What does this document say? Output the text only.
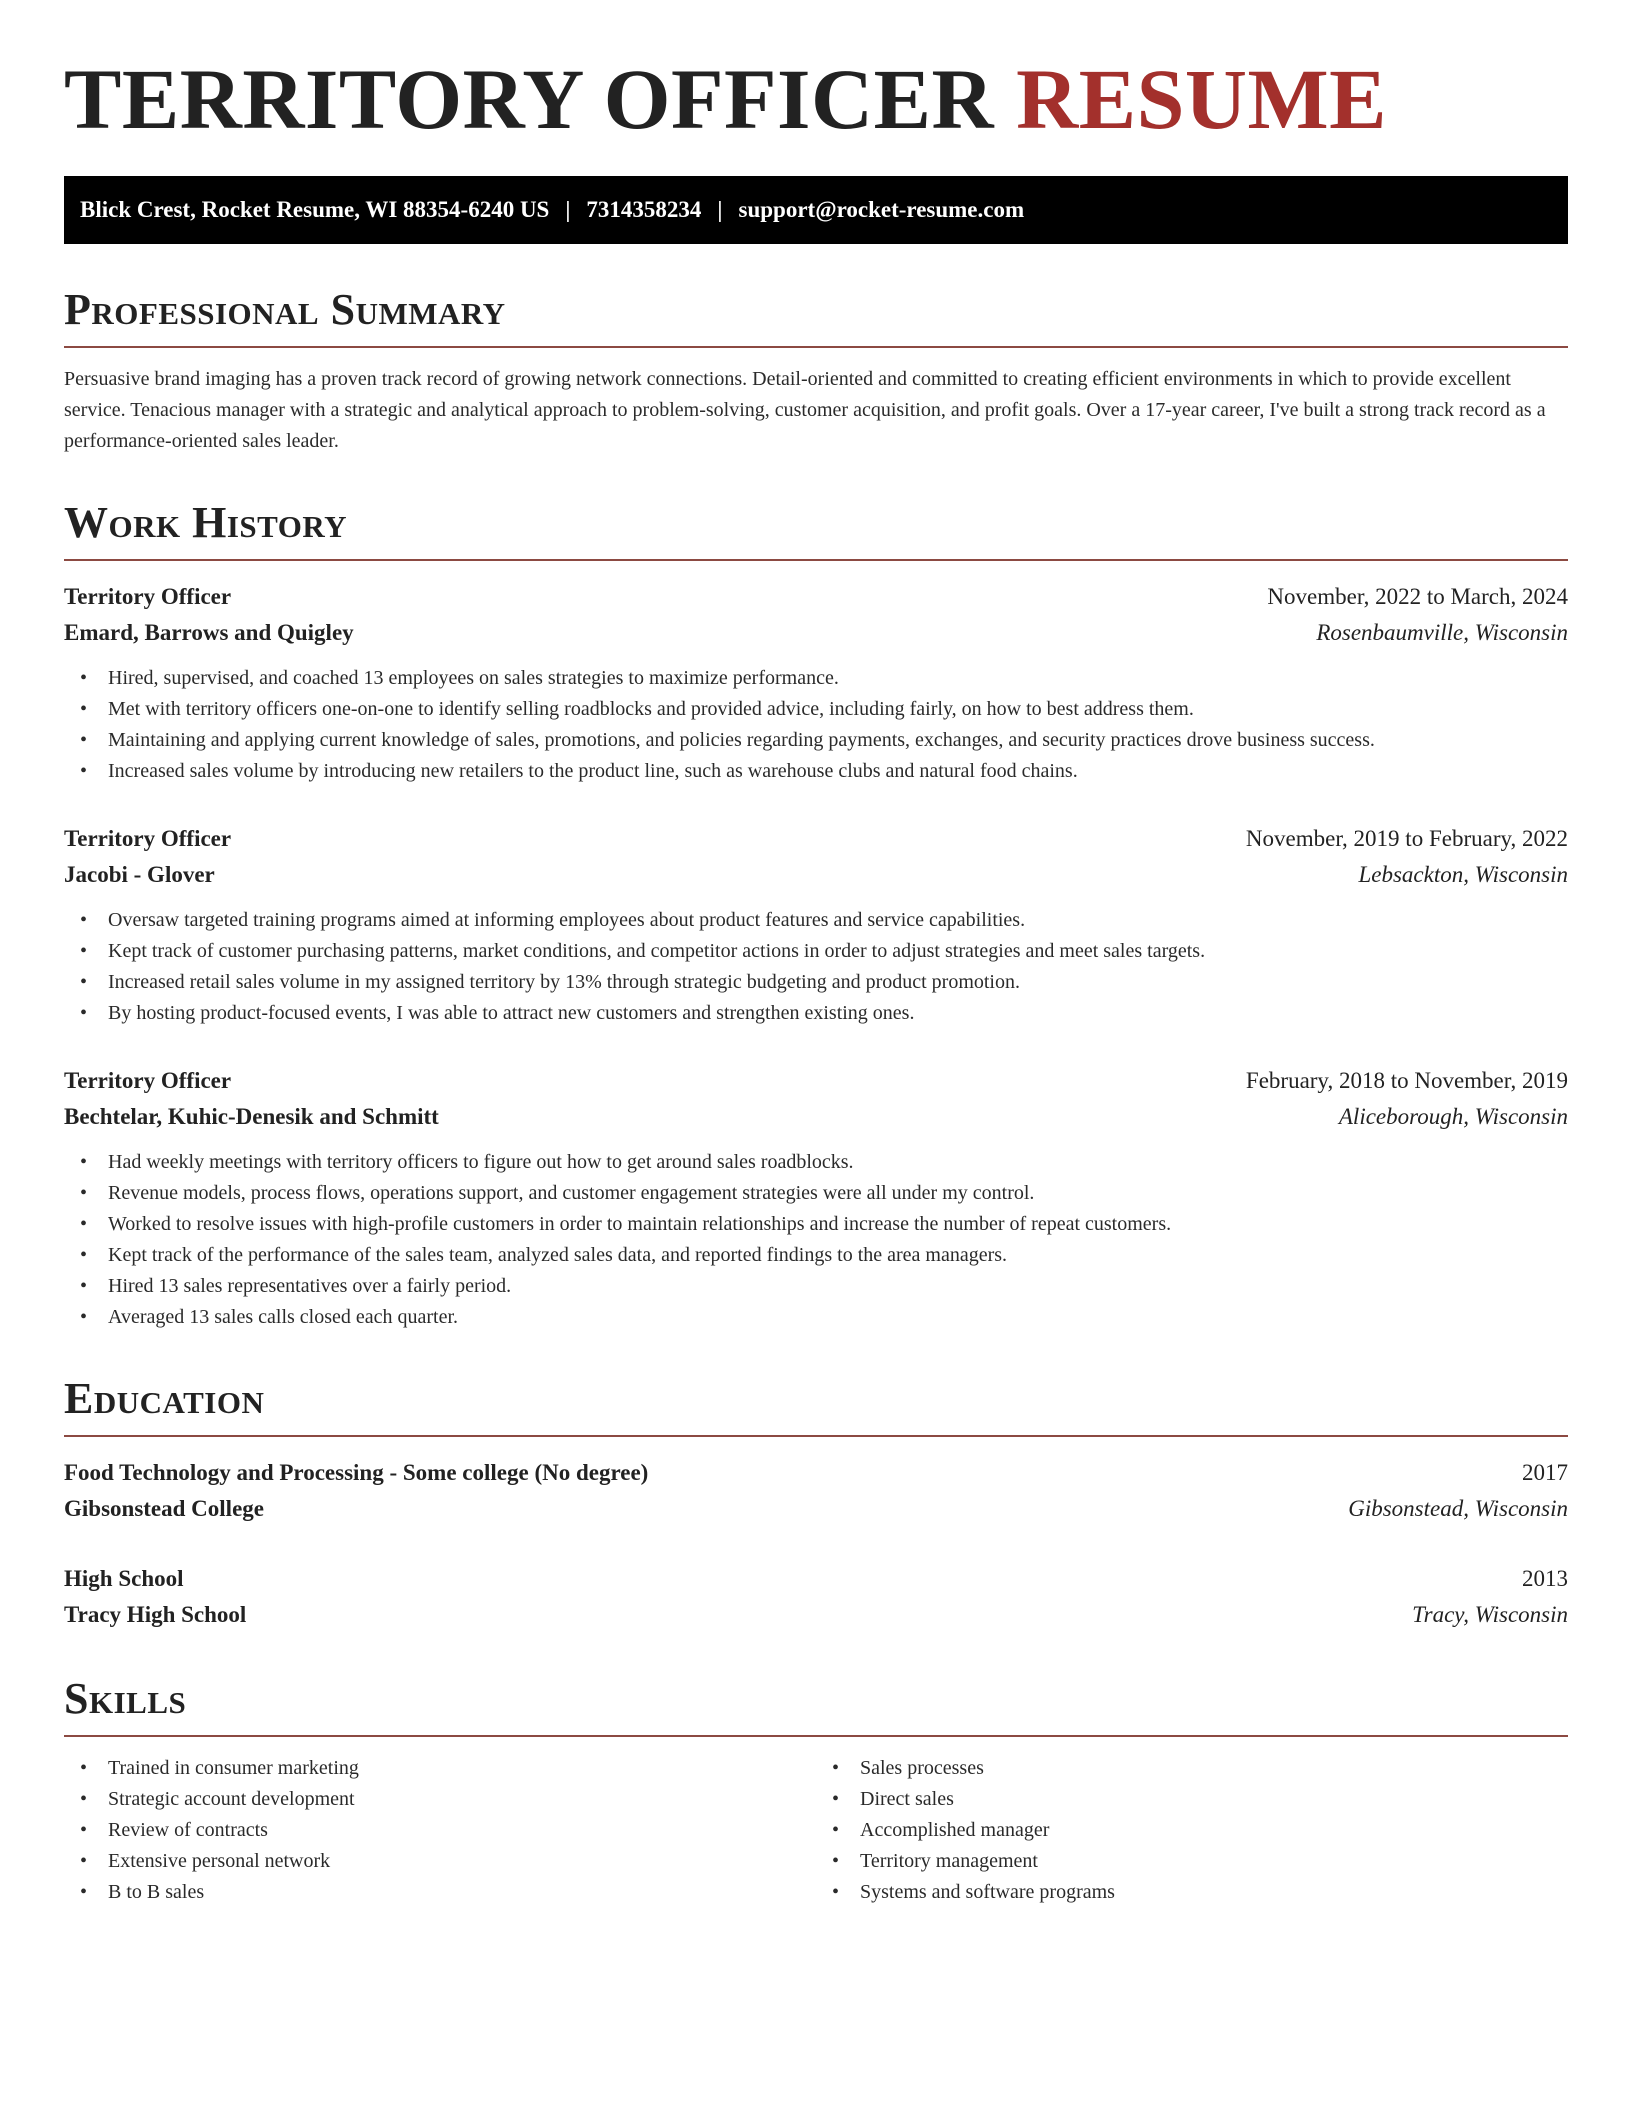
TERRITORY OFFICER RESUME
Blick Crest, Rocket Resume, WI 88354-6240 US | 7314358234 | support@rocket-resume.com
Professional Summary

Persuasive brand imaging has a proven track record of growing network connections. Detail-oriented and committed to creating efficient environments in which to provide excellent service. Tenacious manager with a strategic and analytical approach to problem-solving, customer acquisition, and profit goals. Over a 17-year career, I've built a strong track record as a performance-oriented sales leader.

Work History
Territory Officer	November, 2022 to March, 2024
Emard, Barrows and Quigley	Rosenbaumville, Wisconsin
• Hired, supervised, and coached 13 employees on sales strategies to maximize performance.
• Met with territory officers one-on-one to identify selling roadblocks and provided advice, including fairly, on how to best address them.
• Maintaining and applying current knowledge of sales, promotions, and policies regarding payments, exchanges, and security practices drove business success.
• Increased sales volume by introducing new retailers to the product line, such as warehouse clubs and natural food chains.
Territory Officer	November, 2019 to February, 2022
Jacobi - Glover	Lebsackton, Wisconsin
• Oversaw targeted training programs aimed at informing employees about product features and service capabilities.
• Kept track of customer purchasing patterns, market conditions, and competitor actions in order to adjust strategies and meet sales targets.
• Increased retail sales volume in my assigned territory by 13% through strategic budgeting and product promotion.
• By hosting product-focused events, I was able to attract new customers and strengthen existing ones.
Territory Officer	February, 2018 to November, 2019
Bechtelar, Kuhic-Denesik and Schmitt	Aliceborough, Wisconsin
• Had weekly meetings with territory officers to figure out how to get around sales roadblocks.
• Revenue models, process flows, operations support, and customer engagement strategies were all under my control.
• Worked to resolve issues with high-profile customers in order to maintain relationships and increase the number of repeat customers.
• Kept track of the performance of the sales team, analyzed sales data, and reported findings to the area managers.
• Hired 13 sales representatives over a fairly period.
• Averaged 13 sales calls closed each quarter.
Education
Food Technology and Processing - Some college (No degree)	2017
Gibsonstead College	Gibsonstead, Wisconsin
High School	2013
Tracy High School	Tracy, Wisconsin
Skills
• Trained in consumer marketing
• Strategic account development
• Review of contracts
• Extensive personal network
• B to B sales
• Sales processes
• Direct sales
• Accomplished manager
• Territory management
• Systems and software programs
